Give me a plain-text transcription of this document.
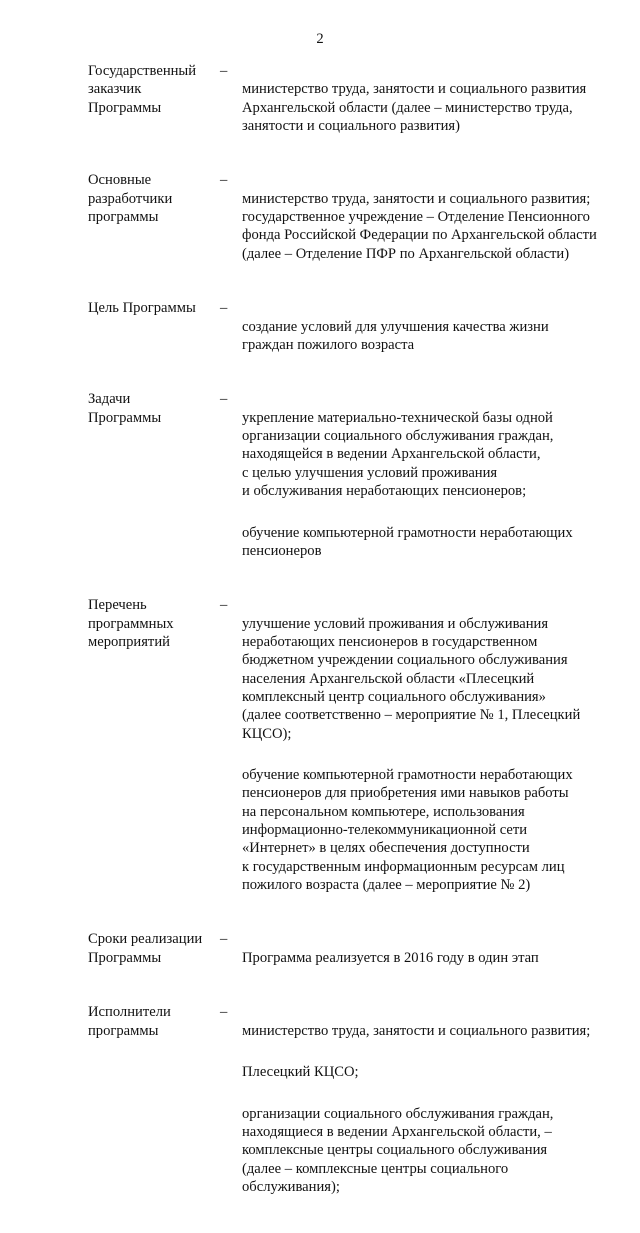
2
Государственный
заказчик
Программы
–

министерство труда, занятости и социального развития
Архангельской области (далее – министерство труда,
занятости и социального развития)

Основные
разработчики
программы
–

министерство труда, занятости и социального развития;
государственное учреждение – Отделение Пенсионного
фонда Российской Федерации по Архангельской области
(далее – Отделение ПФР по Архангельской области)

Цель Программы	–

создание условий для улучшения качества жизни
граждан пожилого возраста

Задачи
Программы
–

укрепление материально-технической базы одной
организации социального обслуживания граждан,
находящейся в ведении Архангельской области,
с целью улучшения условий проживания
и обслуживания неработающих пенсионеров;

обучение компьютерной грамотности неработающих
пенсионеров

Перечень
программных
мероприятий
–

улучшение условий проживания и обслуживания
неработающих пенсионеров в государственном
бюджетном учреждении социального обслуживания
населения Архангельской области «Плесецкий
комплексный центр социального обслуживания»
(далее соответственно – мероприятие № 1, Плесецкий
КЦСО);

обучение компьютерной грамотности неработающих
пенсионеров для приобретения ими навыков работы
на персональном компьютере, использования
информационно-телекоммуникационной сети
«Интернет» в целях обеспечения доступности
к государственным информационным ресурсам лиц
пожилого возраста (далее – мероприятие № 2)

Сроки реализации
Программы
–

Программа реализуется в 2016 году в один этап

Исполнители
программы
–

министерство труда, занятости и социального развития;

Плесецкий КЦСО;

организации социального обслуживания граждан,
находящиеся в ведении Архангельской области, –
комплексные центры социального обслуживания
(далее – комплексные центры социального
обслуживания);
